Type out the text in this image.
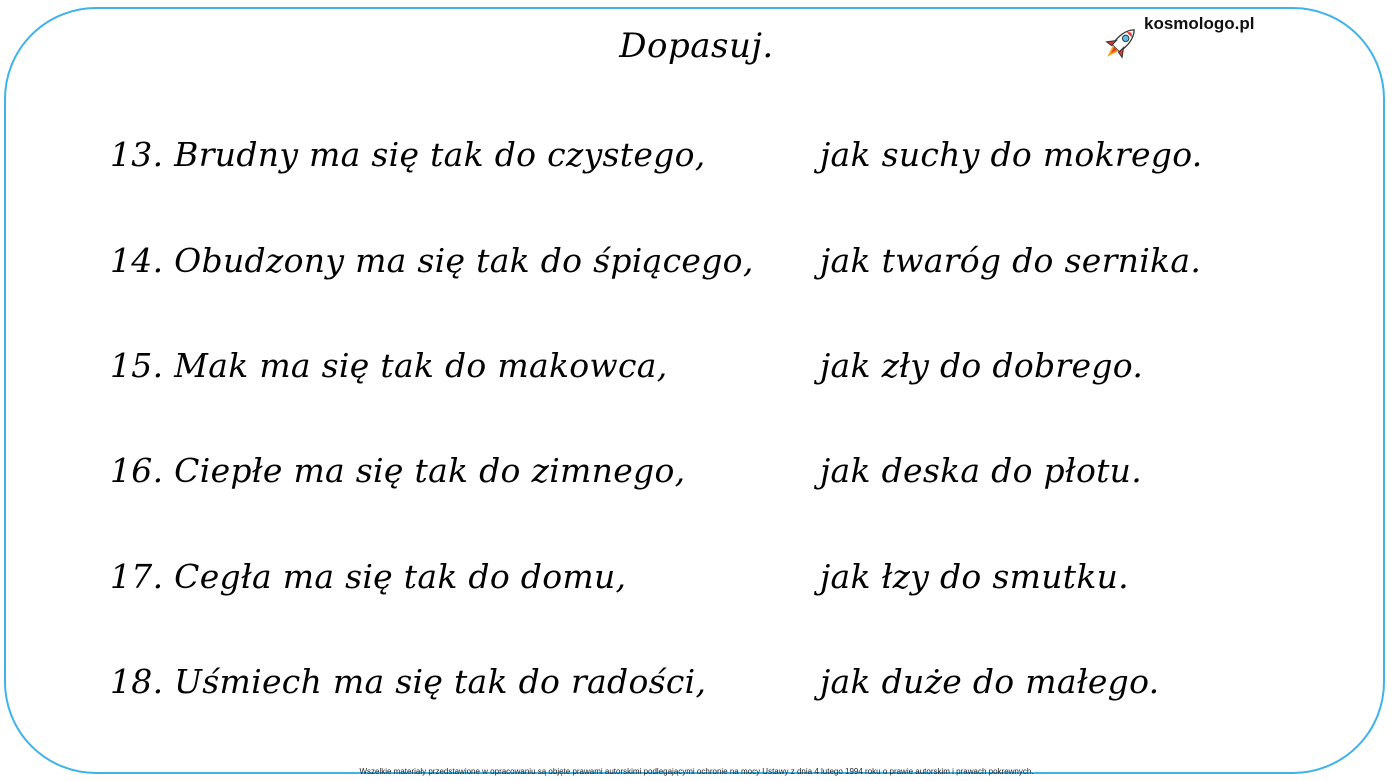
Dopasuj.
kosmologo.pl
13. Brudny ma się tak do czystego,	jak suchy do mokrego.
14. Obudzony ma się tak do śpiącego, jak twaróg do sernika.
15. Mak ma się tak do makowca,	jak zły do dobrego.
16. Ciepłe ma się tak do zimnego,	jak deska do płotu.
17. Cegła ma się tak do domu,	jak łzy do smutku.
18. Uśmiech ma się tak do radości,	jak duże do małego.
Wszelkie materiały przedstawione w opracowaniu są objęte prawami autorskimi podlegającymi ochronie na mocy Ustawy z dnia 4 lutego 1994 roku o prawie autorskim i prawach pokrewnych.
